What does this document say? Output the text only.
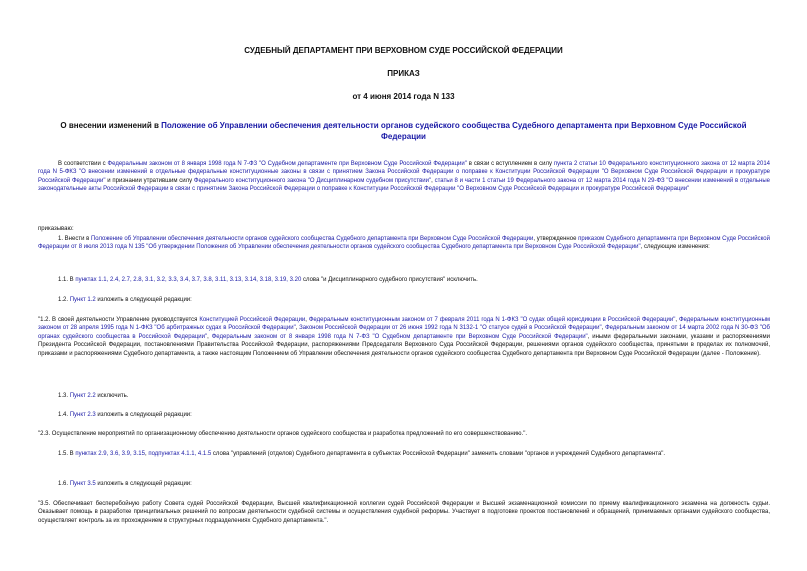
СУДЕБНЫЙ ДЕПАРТАМЕНТ ПРИ ВЕРХОВНОМ СУДЕ РОССИЙСКОЙ ФЕДЕРАЦИИ
ПРИКАЗ
от 4 июня 2014 года N 133
О внесении изменений в Положение об Управлении обеспечения деятельности органов судейского сообщества Судебного департамента при Верховном Суде Российской Федерации
В соответствии с Федеральным законом от 8 января 1998 года N 7-ФЗ "О Судебном департаменте при Верховном Суде Российской Федерации" в связи с вступлением в силу пункта 2 статьи 10 Федерального конституционного закона от 12 марта 2014 года N 5-ФКЗ "О внесении изменений в отдельные федеральные конституционные законы в связи с принятием Закона Российской Федерации о поправке к Конституции Российской Федерации "О Верховном Суде Российской Федерации и прокуратуре Российской Федерации" и признании утратившим силу Федерального конституционного закона "О Дисциплинарном судебном присутствии", статьи 8 и части 1 статьи 19 Федерального закона от 12 марта 2014 года N 29-ФЗ "О внесении изменений в отдельные законодательные акты Российской Федерации в связи с принятием Закона Российской Федерации о поправке к Конституции Российской Федерации "О Верховном Суде Российской Федерации и прокуратуре Российской Федерации"
приказываю:
1. Внести в Положение об Управлении обеспечения деятельности органов судейского сообщества Судебного департамента при Верховном Суде Российской Федерации, утвержденное приказом Судебного департамента при Верховном Суде Российской Федерации от 8 июля 2013 года N 135 "Об утверждении Положения об Управлении обеспечения деятельности органов судейского сообщества Судебного департамента при Верховном Суде Российской Федерации", следующие изменения:
1.1. В пунктах 1.1, 2.4, 2.7, 2.8, 3.1, 3.2, 3.3, 3.4, 3.7, 3.8, 3.11, 3.13, 3.14, 3.18, 3.19, 3.20 слова "и Дисциплинарного судебного присутствия" исключить.
1.2. Пункт 1.2 изложить в следующей редакции:
"1.2. В своей деятельности Управление руководствуется Конституцией Российской Федерации, Федеральным конституционным законом от 7 февраля 2011 года N 1-ФКЗ "О судах общей юрисдикции в Российской Федерации", Федеральным конституционным законом от 28 апреля 1995 года N 1-ФКЗ "Об арбитражных судах в Российской Федерации", Законом Российской Федерации от 26 июня 1992 года N 3132-1 "О статусе судей в Российской Федерации", Федеральным законом от 14 марта 2002 года N 30-ФЗ "Об органах судейского сообщества в Российской Федерации", Федеральным законом от 8 января 1998 года N 7-ФЗ "О Судебном департаменте при Верховном Суде Российской Федерации", иными федеральными законами, указами и распоряжениями Президента Российской Федерации, постановлениями Правительства Российской Федерации, распоряжениями Председателя Верховного Суда Российской Федерации, решениями органов судейского сообщества, принятыми в пределах их полномочий, приказами и распоряжениями Судебного департамента, а также настоящим Положением об Управлении обеспечения деятельности органов судейского сообщества Судебного департамента при Верховном Суде Российской Федерации (далее - Положение).
1.3. Пункт 2.2 исключить.
1.4. Пункт 2.3 изложить в следующей редакции:
"2.3. Осуществление мероприятий по организационному обеспечению деятельности органов судейского сообщества и разработка предложений по его совершенствованию.".
1.5. В пунктах 2.9, 3.6, 3.9, 3.15, подпунктах 4.1.1, 4.1.5 слова "управлений (отделов) Судебного департамента в субъектах Российской Федерации" заменить словами "органов и учреждений Судебного департамента".
1.6. Пункт 3.5 изложить в следующей редакции:
"3.5. Обеспечивает бесперебойную работу Совета судей Российской Федерации, Высшей квалификационной коллегии судей Российской Федерации и Высшей экзаменационной комиссии по приему квалификационного экзамена на должность судьи. Оказывает помощь в разработке принципиальных решений по вопросам деятельности судебной системы и осуществления судебной реформы. Участвует в подготовке проектов постановлений и обращений, принимаемых органами судейского сообщества, осуществляет контроль за их прохождением в структурных подразделениях Судебного департамента.".
